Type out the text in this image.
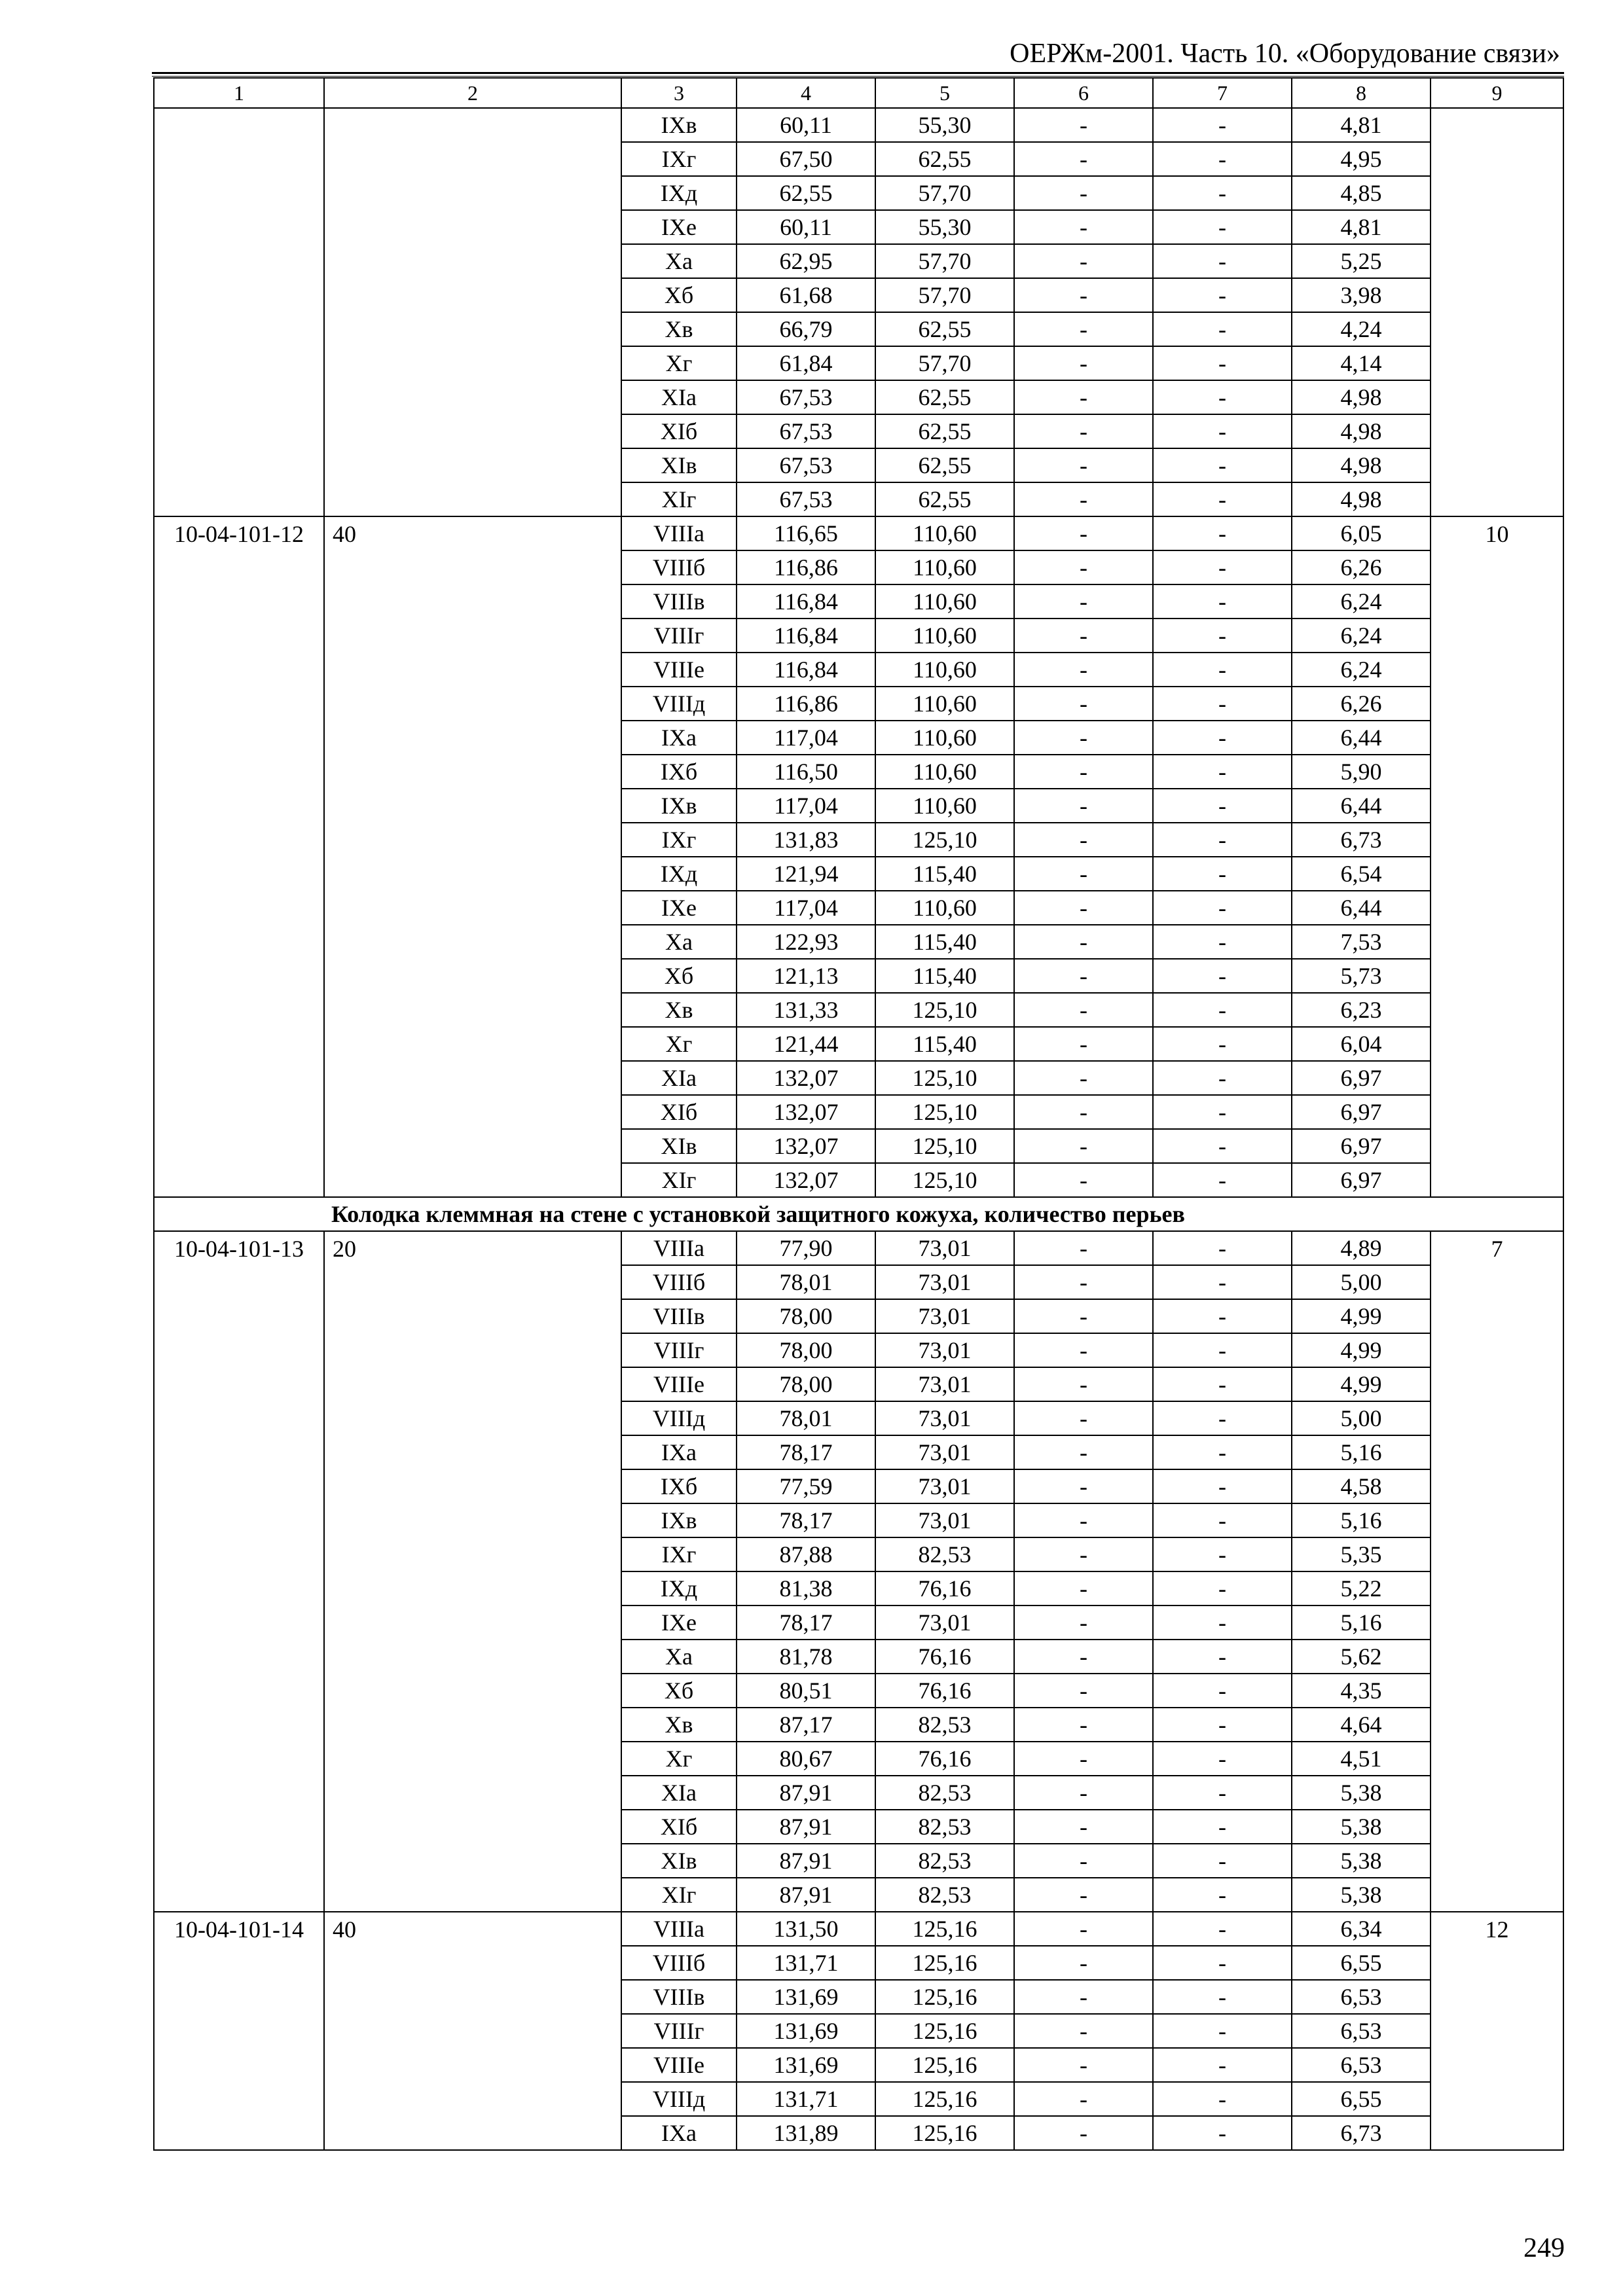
ОЕРЖм-2001. Часть 10. «Оборудование связи»
1	2	3	4	5	6	7	8	9
		IXв	60,11	55,30	-	-	4,81	
		IXг	67,50	62,55	-	-	4,95	
		IXд	62,55	57,70	-	-	4,85	
		IXе	60,11	55,30	-	-	4,81	
		Xа	62,95	57,70	-	-	5,25	
		Xб	61,68	57,70	-	-	3,98	
		Xв	66,79	62,55	-	-	4,24	
		Xг	61,84	57,70	-	-	4,14	
		XIа	67,53	62,55	-	-	4,98	
		XIб	67,53	62,55	-	-	4,98	
		XIв	67,53	62,55	-	-	4,98	
		XIг	67,53	62,55	-	-	4,98	
10-04-101-12	40	VIIIа	116,65	110,60	-	-	6,05	10
		VIIIб	116,86	110,60	-	-	6,26	
		VIIIв	116,84	110,60	-	-	6,24	
		VIIIг	116,84	110,60	-	-	6,24	
		VIIIе	116,84	110,60	-	-	6,24	
		VIIIд	116,86	110,60	-	-	6,26	
		IXа	117,04	110,60	-	-	6,44	
		IXб	116,50	110,60	-	-	5,90	
		IXв	117,04	110,60	-	-	6,44	
		IXг	131,83	125,10	-	-	6,73	
		IXд	121,94	115,40	-	-	6,54	
		IXе	117,04	110,60	-	-	6,44	
		Xа	122,93	115,40	-	-	7,53	
		Xб	121,13	115,40	-	-	5,73	
		Xв	131,33	125,10	-	-	6,23	
		Xг	121,44	115,40	-	-	6,04	
		XIа	132,07	125,10	-	-	6,97	
		XIб	132,07	125,10	-	-	6,97	
		XIв	132,07	125,10	-	-	6,97	
		XIг	132,07	125,10	-	-	6,97	
Колодка клеммная на стене с установкой защитного кожуха, количество перьев								
10-04-101-13	20	VIIIа	77,90	73,01	-	-	4,89	7
		VIIIб	78,01	73,01	-	-	5,00	
		VIIIв	78,00	73,01	-	-	4,99	
		VIIIг	78,00	73,01	-	-	4,99	
		VIIIе	78,00	73,01	-	-	4,99	
		VIIIд	78,01	73,01	-	-	5,00	
		IXа	78,17	73,01	-	-	5,16	
		IXб	77,59	73,01	-	-	4,58	
		IXв	78,17	73,01	-	-	5,16	
		IXг	87,88	82,53	-	-	5,35	
		IXд	81,38	76,16	-	-	5,22	
		IXе	78,17	73,01	-	-	5,16	
		Xа	81,78	76,16	-	-	5,62	
		Xб	80,51	76,16	-	-	4,35	
		Xв	87,17	82,53	-	-	4,64	
		Xг	80,67	76,16	-	-	4,51	
		XIа	87,91	82,53	-	-	5,38	
		XIб	87,91	82,53	-	-	5,38	
		XIв	87,91	82,53	-	-	5,38	
		XIг	87,91	82,53	-	-	5,38	
10-04-101-14	40	VIIIа	131,50	125,16	-	-	6,34	12
		VIIIб	131,71	125,16	-	-	6,55	
		VIIIв	131,69	125,16	-	-	6,53	
		VIIIг	131,69	125,16	-	-	6,53	
		VIIIе	131,69	125,16	-	-	6,53	
		VIIIд	131,71	125,16	-	-	6,55	
		IXа	131,89	125,16	-	-	6,73	
249
